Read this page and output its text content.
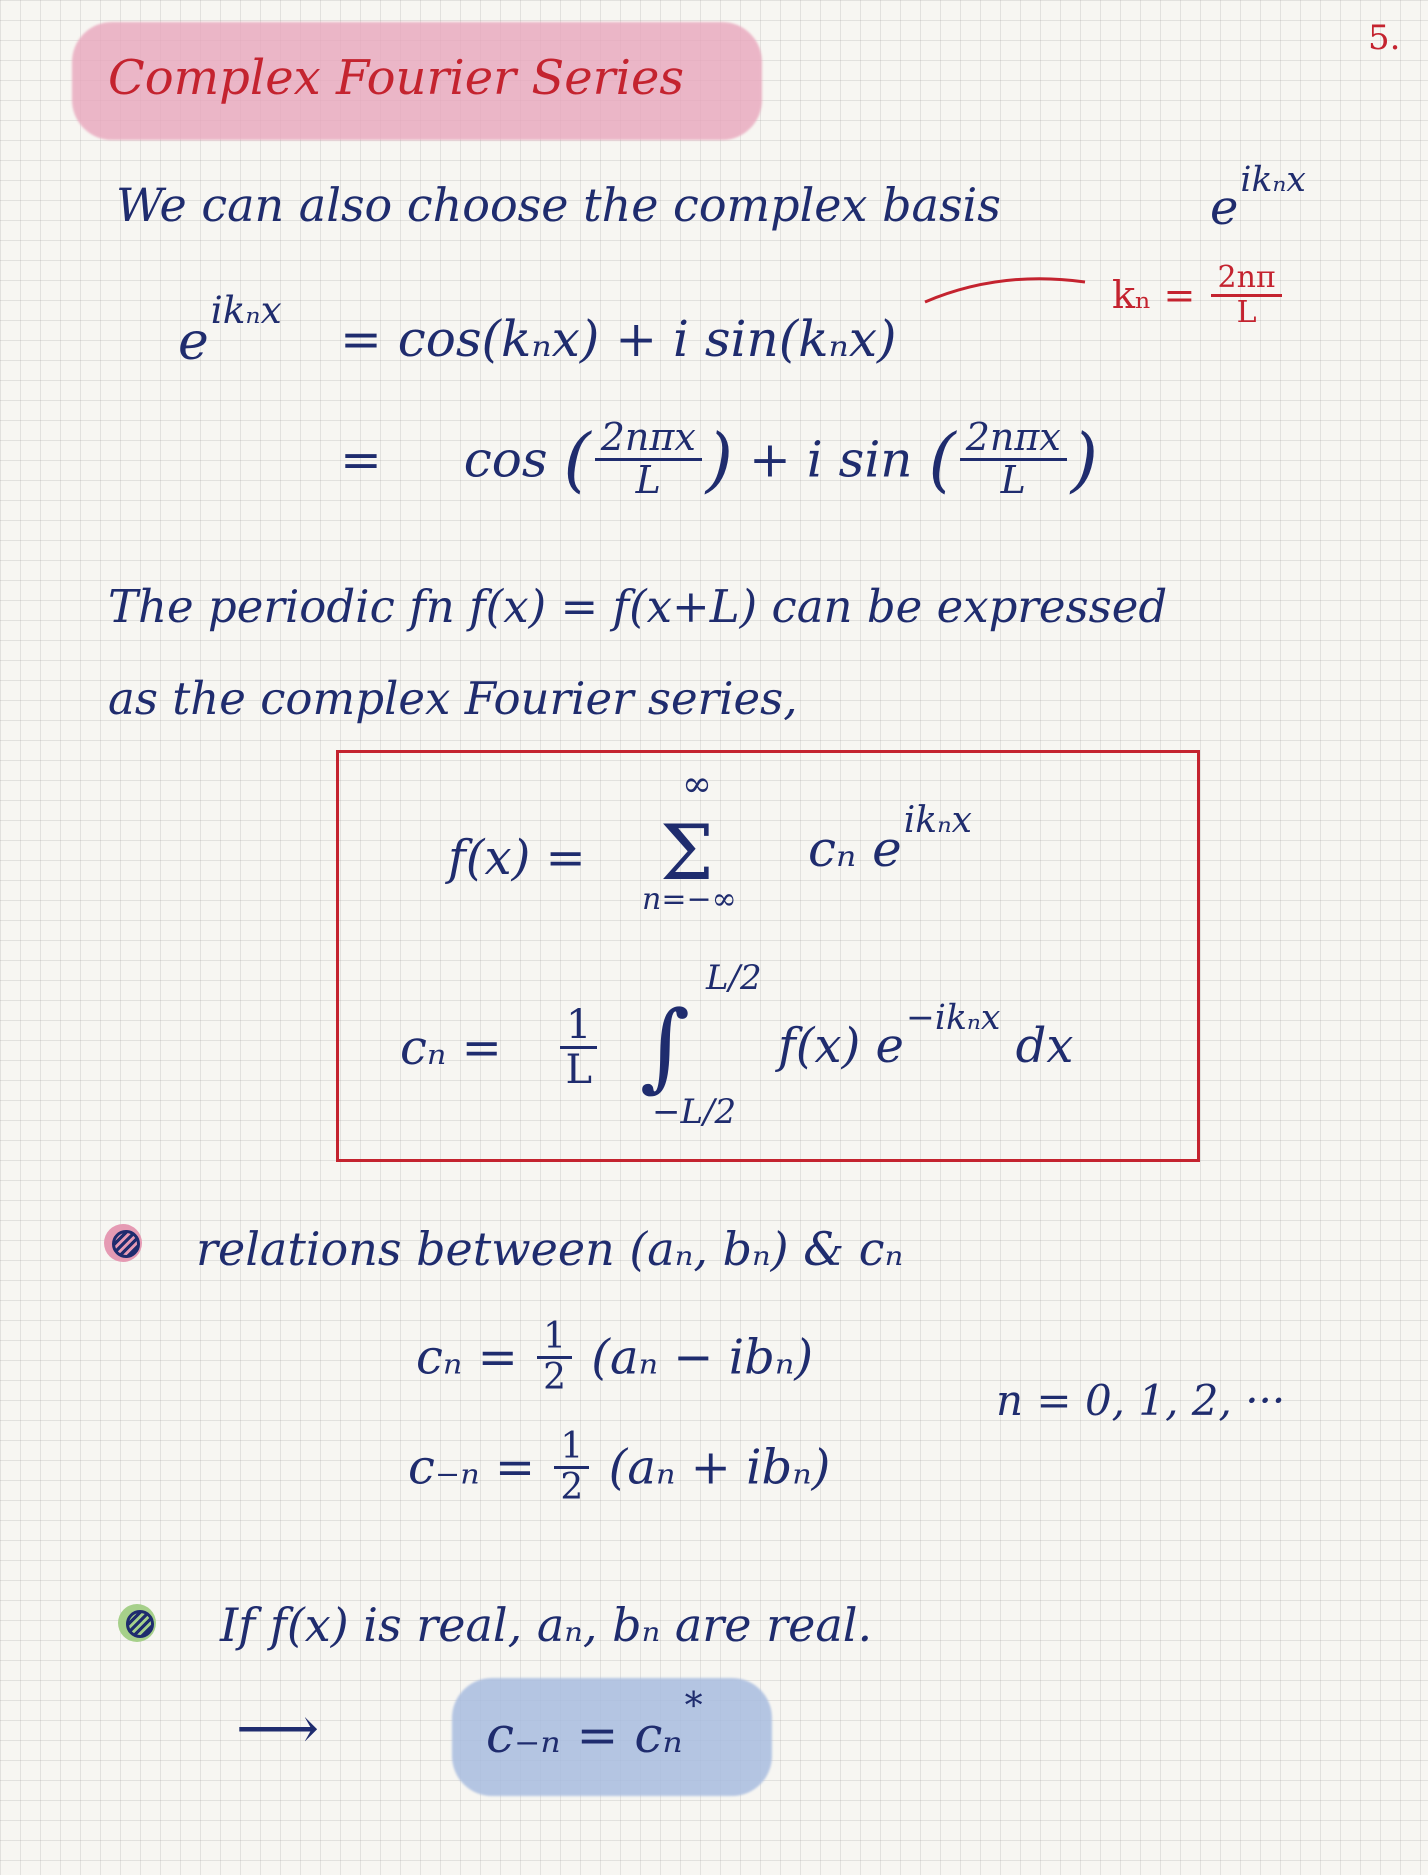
5.
Complex Fourier Series
We can also choose the complex basis	$e^{ik_nx}$
$e^{ik_nx} = \cos(k_nx) + i$ sin(kₙx)
$k_n = \frac{2n\pi}{L}$
= cos ( $\frac{\text{2nπx}}{L}$ ) + i sin ( $\frac{\text{2nπx}}{L}$ )
The periodic fn f(x) = f(x+L) can be expressed
as the complex Fourier series,
f(x) =
∞
Σ
n=−∞
cₙ $e^{ik_nx}$
$c_n = \frac{1}{L}$
L/2
∫
−L/2
f(x) $e^{-ik_nx}$ dx
relations between (aₙ, bₙ) & cₙ
$c_n = \frac{1}{2} (a_n - ib_n)$
n = 0, 1, 2, ···
$c_{-n} = \frac{1}{2} (a_n + ib_n)$
If f(x) is real, aₙ, bₙ are real.
⟶	c₋ₙ = cₙ*
